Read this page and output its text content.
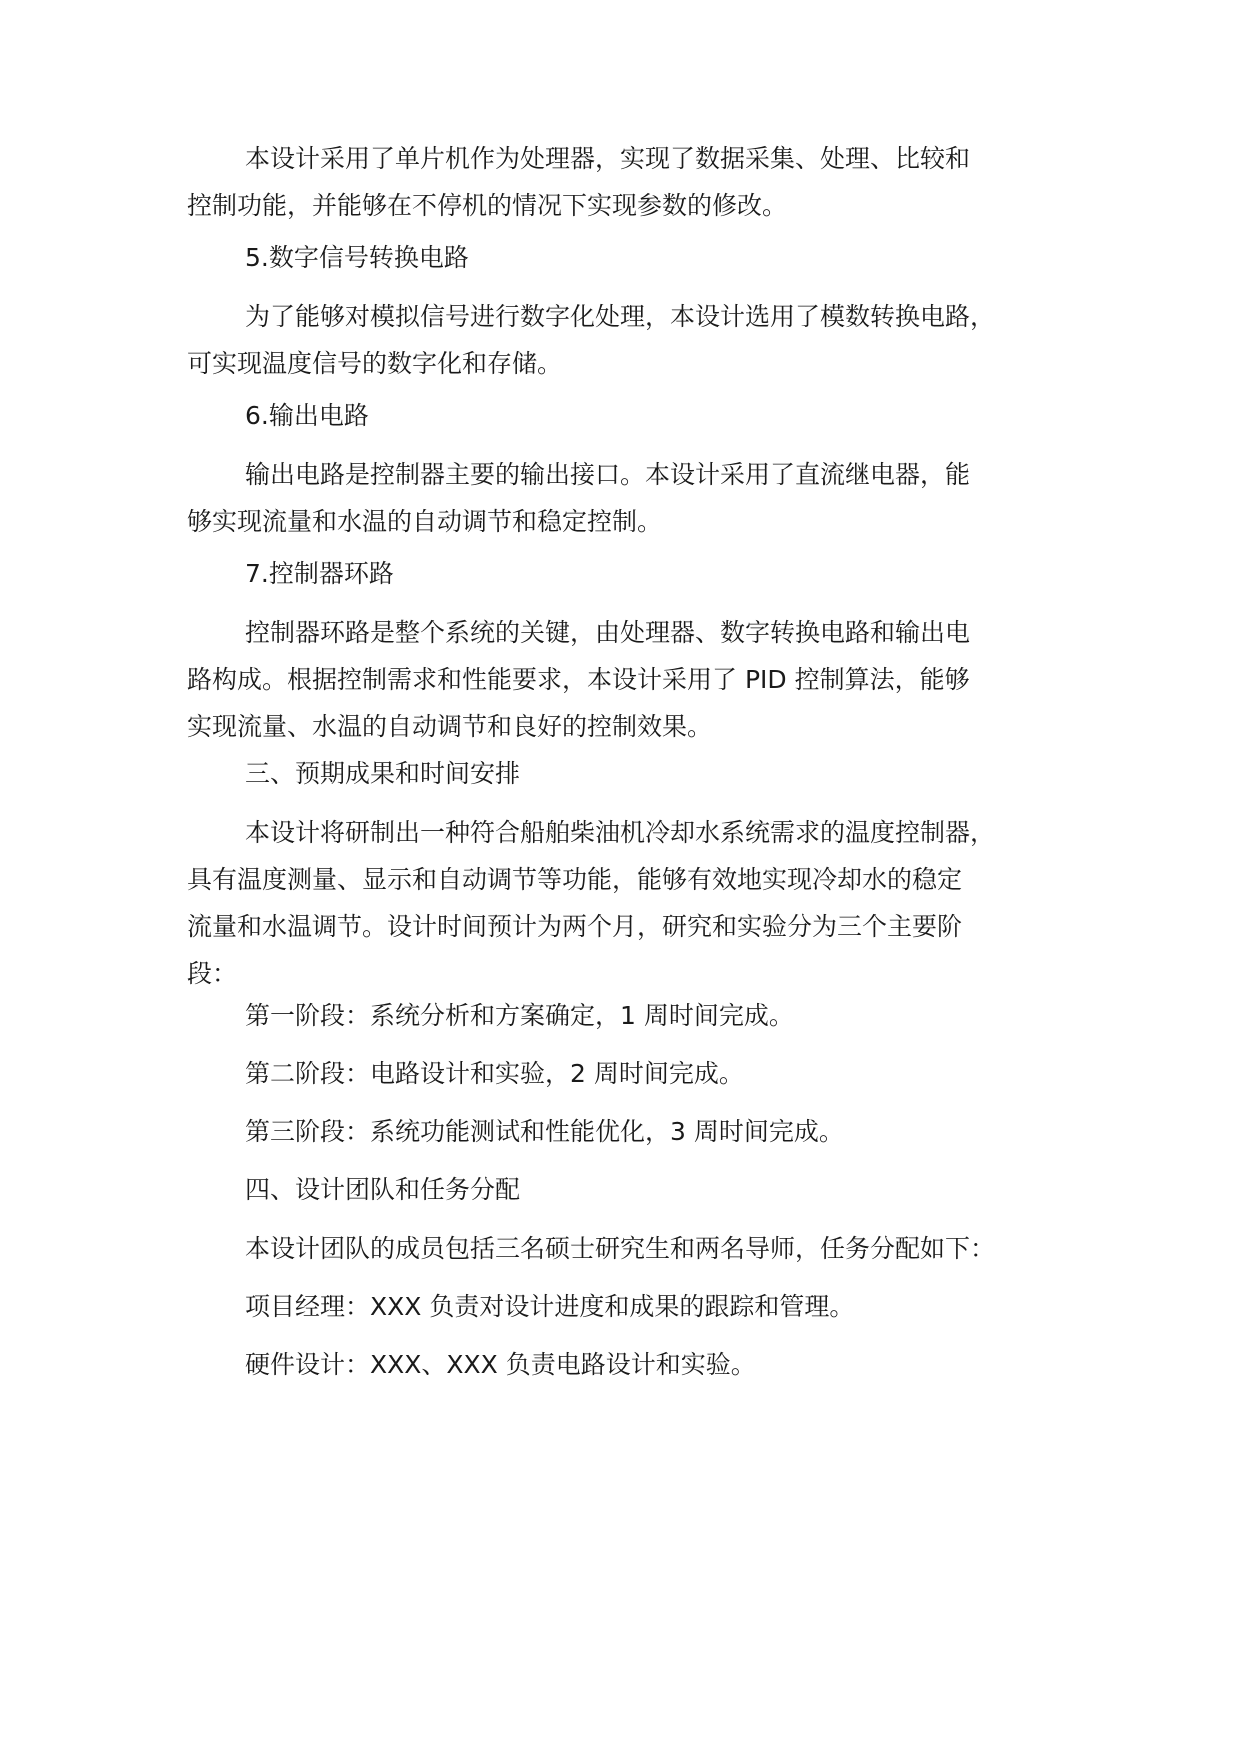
本设计采用了单片机作为处理器，实现了数据采集、处理、比较和
控制功能，并能够在不停机的情况下实现参数的修改。

5.数字信号转换电路

为了能够对模拟信号进行数字化处理，本设计选用了模数转换电路，
可实现温度信号的数字化和存储。

6.输出电路

输出电路是控制器主要的输出接口。本设计采用了直流继电器，能
够实现流量和水温的自动调节和稳定控制。

7.控制器环路

控制器环路是整个系统的关键，由处理器、数字转换电路和输出电
路构成。根据控制需求和性能要求，本设计采用了 PID 控制算法，能够
实现流量、水温的自动调节和良好的控制效果。

三、预期成果和时间安排

本设计将研制出一种符合船舶柴油机冷却水系统需求的温度控制器，
具有温度测量、显示和自动调节等功能，能够有效地实现冷却水的稳定
流量和水温调节。设计时间预计为两个月，研究和实验分为三个主要阶
段：

第一阶段：系统分析和方案确定，1 周时间完成。

第二阶段：电路设计和实验，2 周时间完成。

第三阶段：系统功能测试和性能优化，3 周时间完成。

四、设计团队和任务分配

本设计团队的成员包括三名硕士研究生和两名导师，任务分配如下：

项目经理：XXX 负责对设计进度和成果的跟踪和管理。

硬件设计：XXX、XXX 负责电路设计和实验。
